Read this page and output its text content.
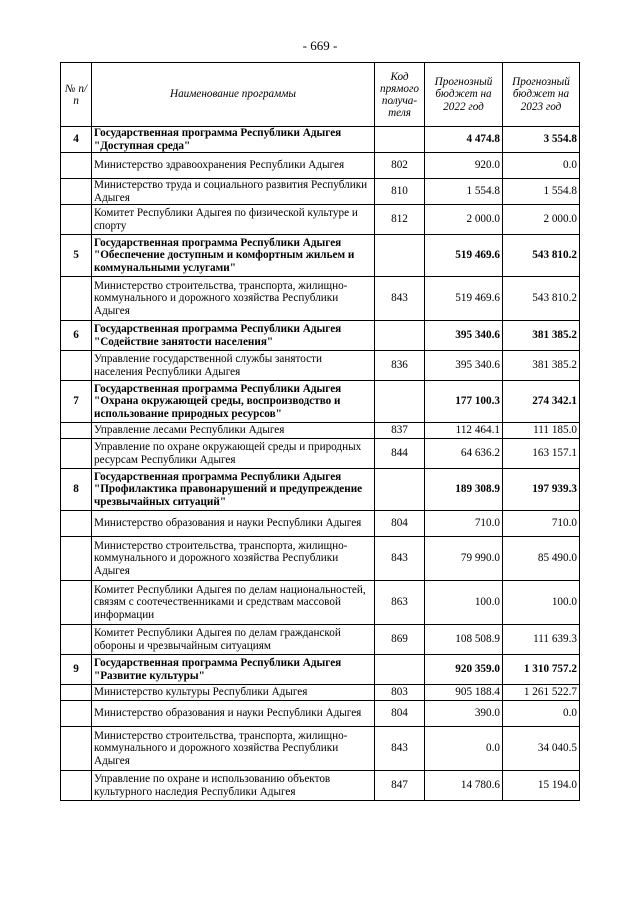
- 669 -
№ п/п	Наименование программы	Код прямого получа-теля	Прогнозный бюджет на 2022 год	Прогнозный бюджет на 2023 год
4	Государственная программа Республики Адыгея "Доступная среда"		4 474.8	3 554.8
	Министерство здравоохранения Республики Адыгея	802	920.0	0.0
	Министерство труда и социального развития Республики Адыгея	810	1 554.8	1 554.8
	Комитет Республики Адыгея по физической культуре и спорту	812	2 000.0	2 000.0
5	Государственная программа Республики Адыгея "Обеспечение доступным и комфортным жильем и коммунальными услугами"		519 469.6	543 810.2
	Министерство строительства, транспорта, жилищно-коммунального и дорожного хозяйства Республики Адыгея	843	519 469.6	543 810.2
6	Государственная программа Республики Адыгея "Содействие занятости населения"		395 340.6	381 385.2
	Управление государственной службы занятости населения Республики Адыгея	836	395 340.6	381 385.2
7	Государственная программа Республики Адыгея "Охрана окружающей среды, воспроизводство и использование природных ресурсов"		177 100.3	274 342.1
	Управление лесами Республики Адыгея	837	112 464.1	111 185.0
	Управление по охране окружающей среды и природных ресурсам Республики Адыгея	844	64 636.2	163 157.1
8	Государственная программа Республики Адыгея "Профилактика правонарушений и предупреждение чрезвычайных ситуаций"		189 308.9	197 939.3
	Министерство образования и науки Республики Адыгея	804	710.0	710.0
	Министерство строительства, транспорта, жилищно-коммунального и дорожного хозяйства Республики Адыгея	843	79 990.0	85 490.0
	Комитет Республики Адыгея по делам национальностей, связям с соотечественниками и средствам массовой информации	863	100.0	100.0
	Комитет Республики Адыгея по делам гражданской обороны и чрезвычайным ситуациям	869	108 508.9	111 639.3
9	Государственная программа Республики Адыгея "Развитие культуры"		920 359.0	1 310 757.2
	Министерство культуры Республики Адыгея	803	905 188.4	1 261 522.7
	Министерство образования и науки Республики Адыгея	804	390.0	0.0
	Министерство строительства, транспорта, жилищно-коммунального и дорожного хозяйства Республики Адыгея	843	0.0	34 040.5
	Управление по охране и использованию объектов культурного наследия Республики Адыгея	847	14 780.6	15 194.0
